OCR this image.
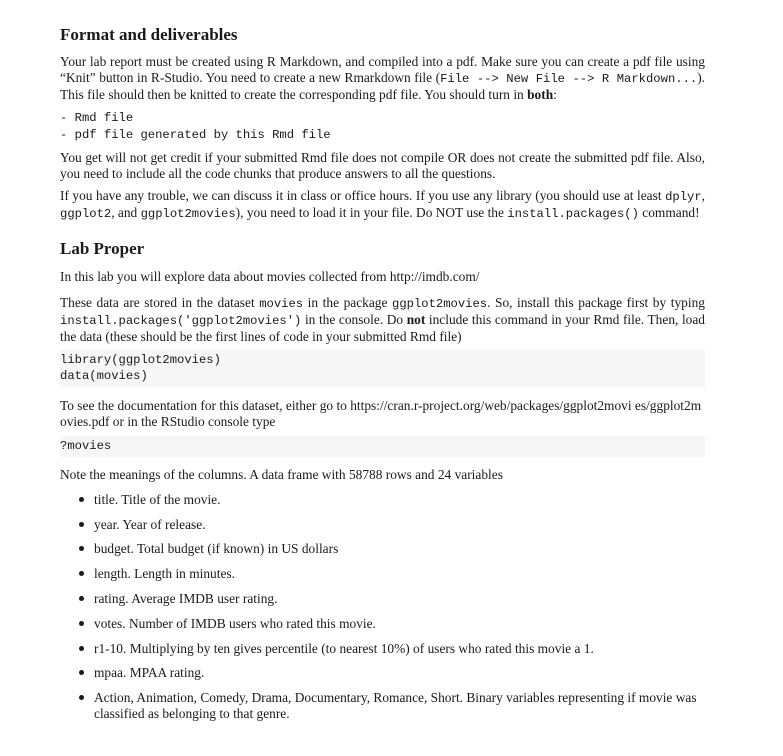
Format and deliverables

Your lab report must be created using R Markdown, and compiled into a pdf. Make sure you can create a pdf file using “Knit” button in R-Studio. You need to create a new Rmarkdown file (File --> New File --> R Markdown...). This file should then be knitted to create the corresponding pdf file. You should turn in both:

- Rmd file
- pdf file generated by this Rmd file

You get will not get credit if your submitted Rmd file does not compile OR does not create the submitted pdf file. Also, you need to include all the code chunks that produce answers to all the questions.

If you have any trouble, we can discuss it in class or office hours. If you use any library (you should use at least dplyr, ggplot2, and ggplot2movies), you need to load it in your file. Do NOT use the install.packages() command!

Lab Proper

In this lab you will explore data about movies collected from http://imdb.com/

These data are stored in the dataset movies in the package ggplot2movies. So, install this package first by typing install.packages('ggplot2movies') in the console. Do not include this command in your Rmd file. Then, load the data (these should be the first lines of code in your submitted Rmd file)

library(ggplot2movies)
data(movies)

To see the documentation for this dataset, either go to https://cran.r-project.org/web/packages/ggplot2movi es/ggplot2movies.pdf or in the RStudio console type

?movies

Note the meanings of the columns. A data frame with 58788 rows and 24 variables

title. Title of the movie.
year. Year of release.
budget. Total budget (if known) in US dollars
length. Length in minutes.
rating. Average IMDB user rating.
votes. Number of IMDB users who rated this movie.
r1-10. Multiplying by ten gives percentile (to nearest 10%) of users who rated this movie a 1.
mpaa. MPAA rating.
Action, Animation, Comedy, Drama, Documentary, Romance, Short. Binary variables representing if movie was classified as belonging to that genre.
